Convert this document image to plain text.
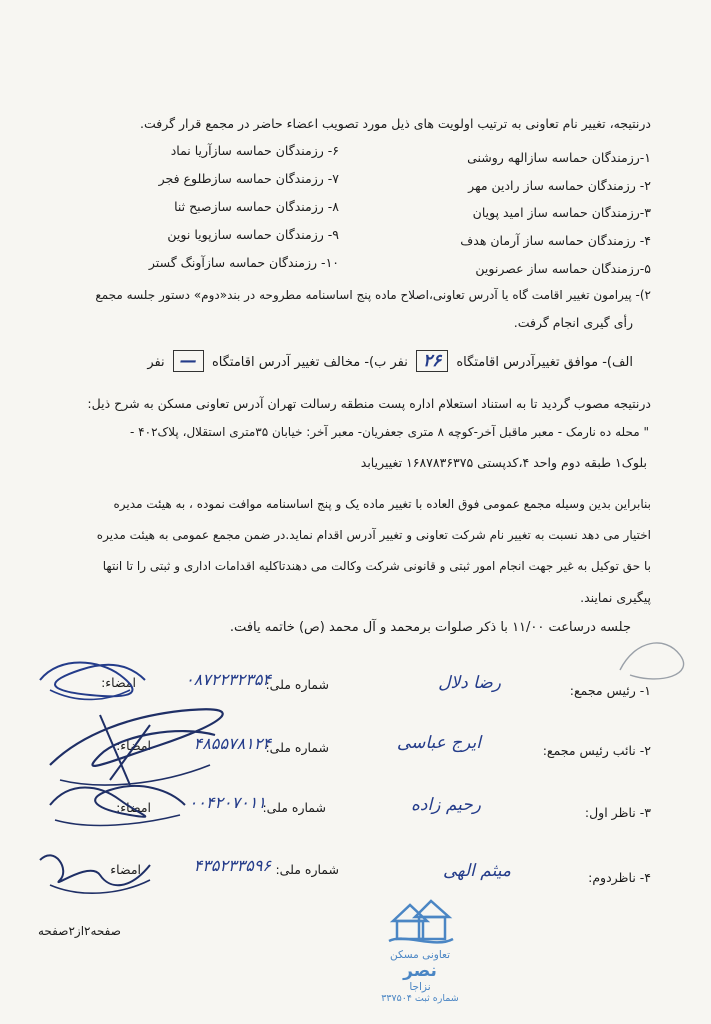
درنتیجه، تغییر نام تعاونی به ترتیب اولویت های ذیل مورد تصویب اعضاء حاضر در مجمع قرار گرفت.
۱-رزمندگان حماسه سازالهه روشنی
۲- رزمندگان حماسه ساز رادین مهر
۳-رزمندگان حماسه ساز امید پویان
۴- رزمندگان حماسه ساز آرمان هدف
۵-رزمندگان حماسه ساز عصرنوین
۶- رزمندگان حماسه سازآریا نماد
۷- رزمندگان حماسه سازطلوع فجر
۸- رزمندگان حماسه سازصبح ثنا
۹- رزمندگان حماسه سازپویا نوین
۱۰- رزمندگان حماسه سازآونگ گستر
۲)- پیرامون تغییر اقامت گاه یا آدرس تعاونی،اصلاح ماده پنج اساسنامه مطروحه در بند«دوم» دستور جلسه مجمع
رأی گیری انجام گرفت.
الف)- موافق تغییرآدرس اقامتگاه ۲۶ نفر ب)- مخالف تغییر آدرس اقامتگاه — نفر
درنتیجه مصوب گردید تا به استناد استعلام اداره پست منطقه رسالت تهران آدرس تعاونی مسکن به شرح ذیل:
" محله ده نارمک - معبر ماقبل آخر-کوچه ۸ متری جعفریان- معبر آخر: خیابان ۳۵متری استقلال، پلاک۴۰۲ -
بلوک۱ طبقه دوم واحد ۴،کدپستی ۱۶۸۷۸۳۶۳۷۵ تغییریابد
بنابراین بدین وسیله مجمع عمومی فوق العاده با تغییر ماده یک و پنج اساسنامه موافت نموده ، به هیئت مدیره
اختیار می دهد نسبت به تغییر نام شرکت تعاونی و تغییر آدرس اقدام نماید.در ضمن مجمع عمومی به هیئت مدیره
با حق توکیل به غیر جهت انجام امور ثبتی و قانونی شرکت وکالت می دهندتاکلیه اقدامات اداری و ثبتی را تا انتها
پیگیری نمایند.
جلسه درساعت ۱۱/۰۰ با ذکر صلوات برمحمد و آل محمد (ص) خاتمه یافت.
۱- رئیس مجمع:
رضا دلال
شماره ملی:
۰۸۷۲۲۳۲۳۵۴
امضاء:
۲- نائب رئیس مجمع:
ایرج عباسی
شماره ملی:
۴۸۵۵۷۸۱۲۴
امضاء:
۳- ناظر اول:
رحیم زاده
شماره ملی:
۰۰۴۲۰۷۰۱۱
امضاء:
۴- ناظردوم:
میثم الهی
شماره ملی:
۴۳۵۲۳۳۵۹۶
امضاء
تعاونی مسکن
نصر
نزاجا
شماره ثبت ۳۳۷۵۰۴
صفحه۲از۲صفحه
